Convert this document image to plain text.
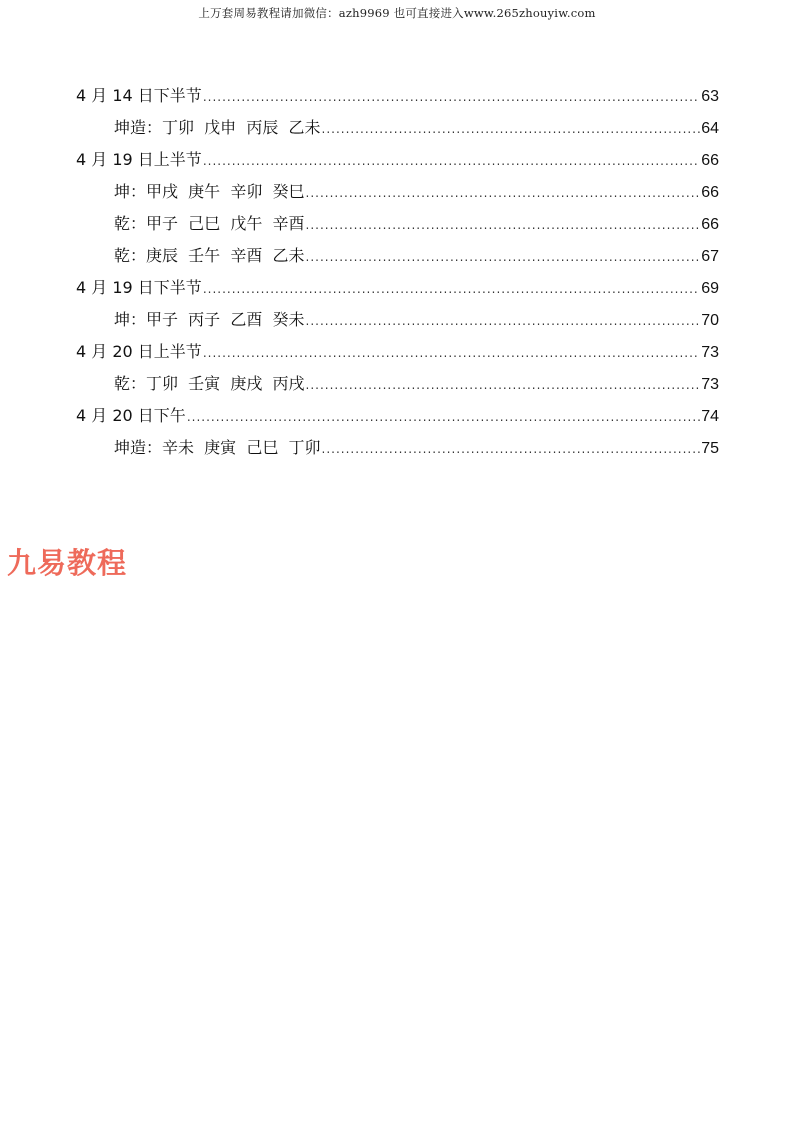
上万套周易教程请加微信：azh9969 也可直接进入www.265zhouyiw.com
4 月 14 日下半节 .....	63
坤造：丁卯  戊申  丙辰  乙未 .....	64
4 月 19 日上半节 .....	66
坤：甲戌  庚午  辛卯  癸巳 .....	66
乾：甲子  己巳  戊午  辛酉 .....	66
乾：庚辰  壬午  辛酉  乙未 .....	67
4 月 19 日下半节 .....	69
坤：甲子  丙子  乙酉  癸未 .....	70
4 月 20 日上半节 .....	73
乾：丁卯  壬寅  庚戌  丙戌 .....	73
4 月 20 日下午 .....	74
坤造：辛未  庚寅  己巳  丁卯 .....	75
九易教程
